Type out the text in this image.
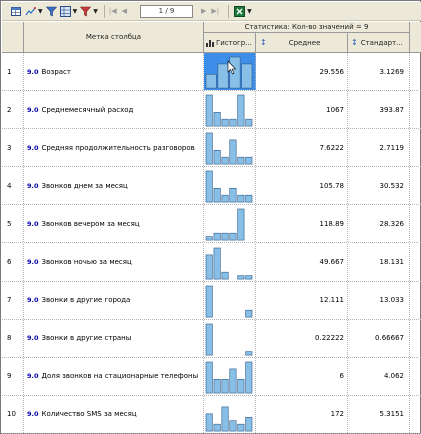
▼	▼	▼ |◀ ◀	1 / 9	▶ ▶|	▼
Метка столбца
Статистика: Кол-во значений = 9
Гистогр... ↕	Среднее	↕ Стандарт...
1	9.0 Возраст	29.556	3.1269
2	9.0 Среднемесячный расход	1067	393.87
3	9.0 Средняя продолжительность разговоров	7.6222	2.7119
4	9.0 Звонков днем за месяц	105.78	30.532
5	9.0 Звонков вечером за месяц	118.89	28.326
6	9.0 Звонков ночью за месяц	49.667	18.131
7	9.0 Звонки в другие города	12.111	13.033
8	9.0 Звонки в другие страны	0.22222	0.66667
9	9.0 Доля звонков на стационарные телефоны	6	4.062
10	9.0 Количество SMS за месяц	172	5.3151
